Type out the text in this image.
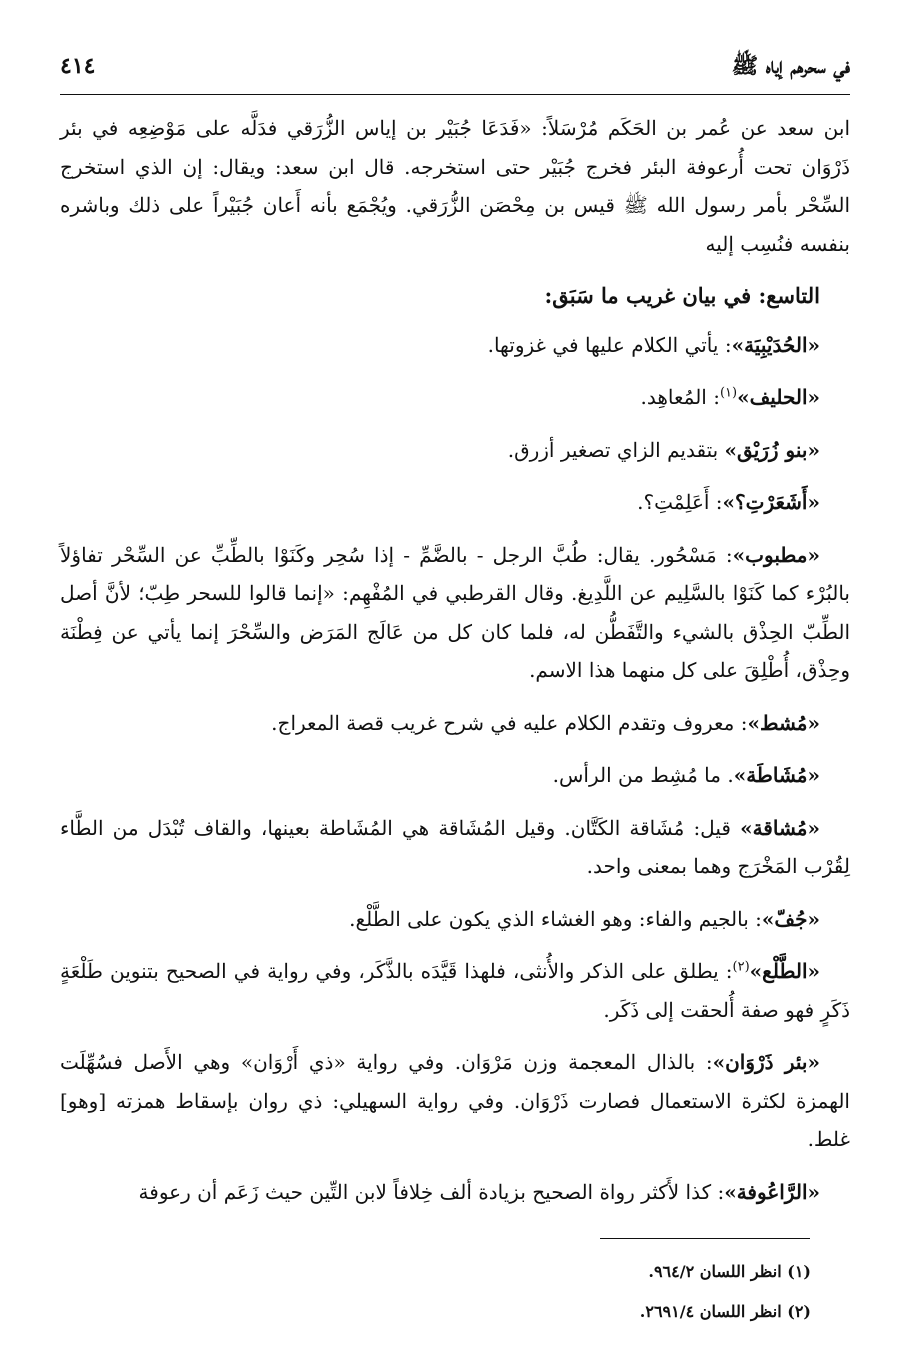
في سحرهم إياه ﷺ
٤١٤

ابن سعد عن عُمر بن الحَكَم مُرْسَلاً: «فَدَعَا جُبَيْر بن إياس الزُّرَقي فدَلَّه على مَوْضِعِه في بئر ذَرْوَان تحت أُرعوفة البئر فخرج جُبَيْر حتى استخرجه. قال ابن سعد: ويقال: إن الذي استخرج السِّحْر بأمر رسول الله ﷺ قيس بن مِحْصَن الزُّرَقي. ويُجْمَع بأنه أَعان جُبَيْراً على ذلك وباشره بنفسه فنُسِب إليه

التاسع: في بيان غريب ما سَبَق:

«الحُدَيْبِيَة»: يأتي الكلام عليها في غزوتها.

«الحليف»$^{(١)}$: المُعاهِد.

«بنو زُرَيْق» بتقديم الزاي تصغير أزرق.

«أَشَعَرْتِ؟»: أَعَلِمْتِ؟.

«مطبوب»: مَسْحُور. يقال: طُبَّ الرجل - بالضَّمِّ - إذا سُحِر وكَنَوْا بالطِّبِّ عن السِّحْر تفاؤلاً بالبُرْء كما كَنَوْا بالسَّلِيم عن اللَّدِيغ. وقال القرطبي في المُفْهِم: «إنما قالوا للسحر طِبّ؛ لأنَّ أصل الطِّبّ الحِذْق بالشيء والتَّفَطُّن له، فلما كان كل من عَالَج المَرَض والسِّحْرَ إنما يأتي عن فِطْنَة وحِذْق، أُطْلِقَ على كل منهما هذا الاسم.

«مُشط»: معروف وتقدم الكلام عليه في شرح غريب قصة المعراج.

«مُشَاطَة». ما مُشِط من الرأس.

«مُشاقة» قيل: مُشَاقة الكَتَّان. وقيل المُشَاقة هي المُشَاطة بعينها، والقاف تُبْدَل من الطَّاء لِقُرْب المَخْرَج وهما بمعنى واحد.

«جُفّ»: بالجيم والفاء: وهو الغشاء الذي يكون على الطَّلْع.

«الطَّلْع»$^{(٢)}$: يطلق على الذكر والأُنثى، فلهذا قَيَّدَه بالذَّكَر، وفي رواية في الصحيح بتنوين طَلْعَةٍ ذَكَرٍ فهو صفة أُلحقت إلى ذَكَر.

«بئر ذَرْوَان»: بالذال المعجمة وزن مَرْوَان. وفي رواية «ذي أَرْوَان» وهي الأَصل فسُهِّلَت الهمزة لكثرة الاستعمال فصارت ذَرْوَان. وفي رواية السهيلي: ذي روان بإسقاط همزته [وهو] غلط.

«الرَّاعُوفة»: كذا لأَكثر رواة الصحيح بزيادة ألف خِلافاً لابن التِّين حيث زَعَم أن رعوفة

(١) انظر اللسان ٩٦٤/٢.

(٢) انظر اللسان ٢٦٩١/٤.
